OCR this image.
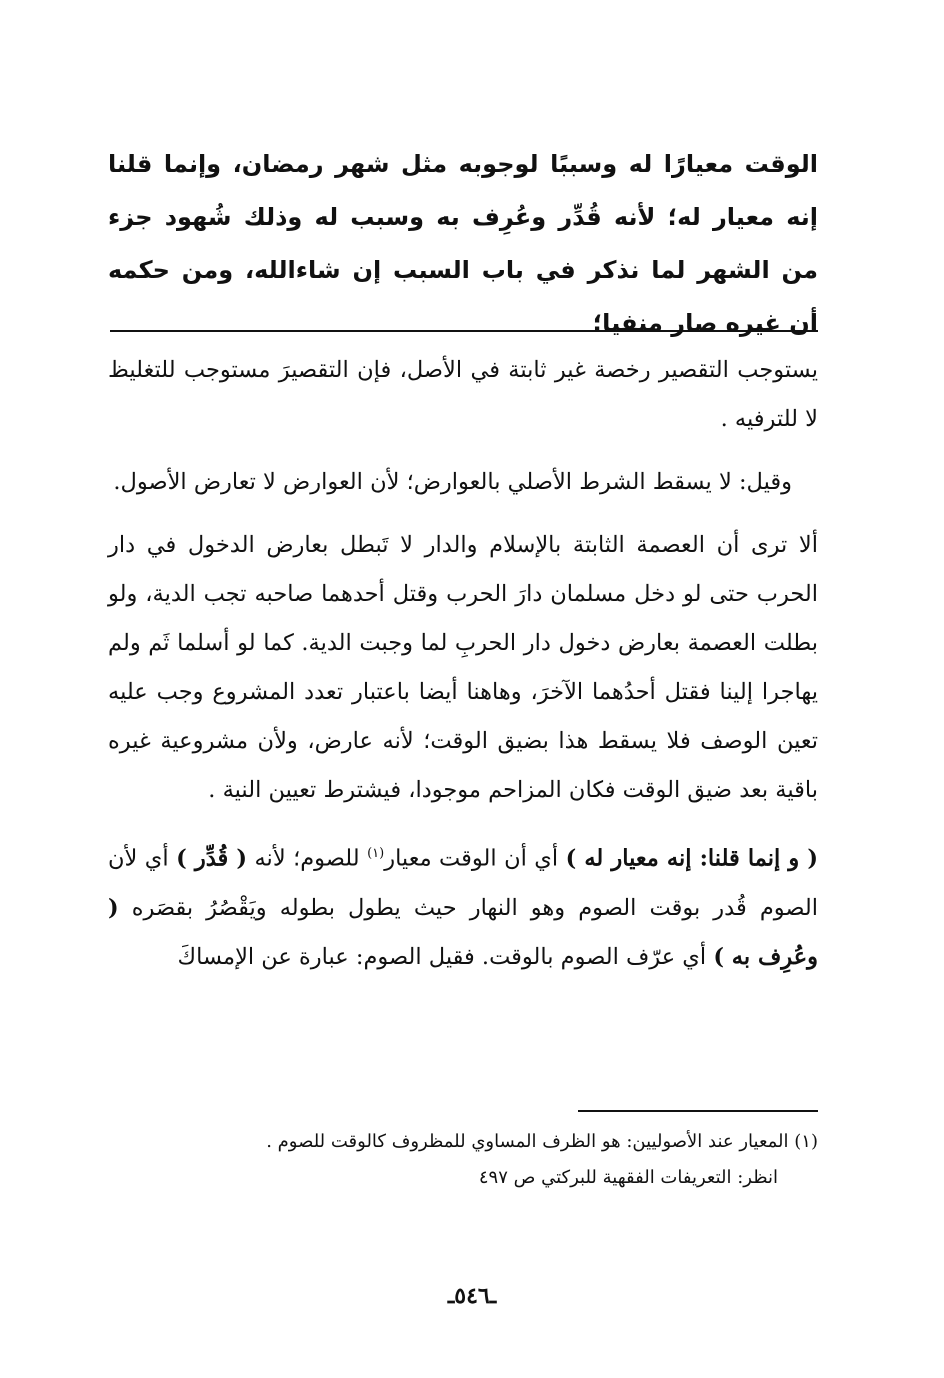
الوقت معيارًا له وسببًا لوجوبه مثل شهر رمضان، وإنما قلنا إنه معيار له؛ لأنه قُدِّر وعُرِف به وسبب له وذلك شُهود جزء من الشهر لما نذكر في باب السبب إن شاءالله، ومن حكمه أن غيره صار منفيا؛

يستوجب التقصير رخصة غير ثابتة في الأصل، فإن التقصيرَ مستوجب للتغليظ لا للترفيه .

وقيل: لا يسقط الشرط الأصلي بالعوارض؛ لأن العوارض لا تعارض الأصول.

ألا ترى أن العصمة الثابتة بالإسلام والدار لا تَبطل بعارض الدخول في دار الحرب حتى لو دخل مسلمان دارَ الحرب وقتل أحدهما صاحبه تجب الدية، ولو بطلت العصمة بعارض دخول دار الحربِ لما وجبت الدية. كما لو أسلما ثَم ولم يهاجرا إلينا فقتل أحدُهما الآخرَ، وهاهنا أيضا باعتبار تعدد المشروع وجب عليه تعين الوصف فلا يسقط هذا بضيق الوقت؛ لأنه عارض، ولأن مشروعية غيره باقية بعد ضيق الوقت فكان المزاحم موجودا، فيشترط تعيين النية .

( و إنما قلنا: إنه معيار له ) أي أن الوقت معيار$^{(١)}$ للصوم؛ لأنه ( قُدِّر ) أي لأن الصوم قُدر بوقت الصوم وهو النهار حيث يطول بطوله ويَقْصُرُ بقصَره ( وعُرِف به ) أي عرّف الصوم بالوقت. فقيل الصوم: عبارة عن الإمساكَ

(١) المعيار عند الأصوليين: هو الظرف المساوي للمظروف كالوقت للصوم .

انظر: التعريفات الفقهية للبركتي ص ٤٩٧

ـ٥٤٦ـ
